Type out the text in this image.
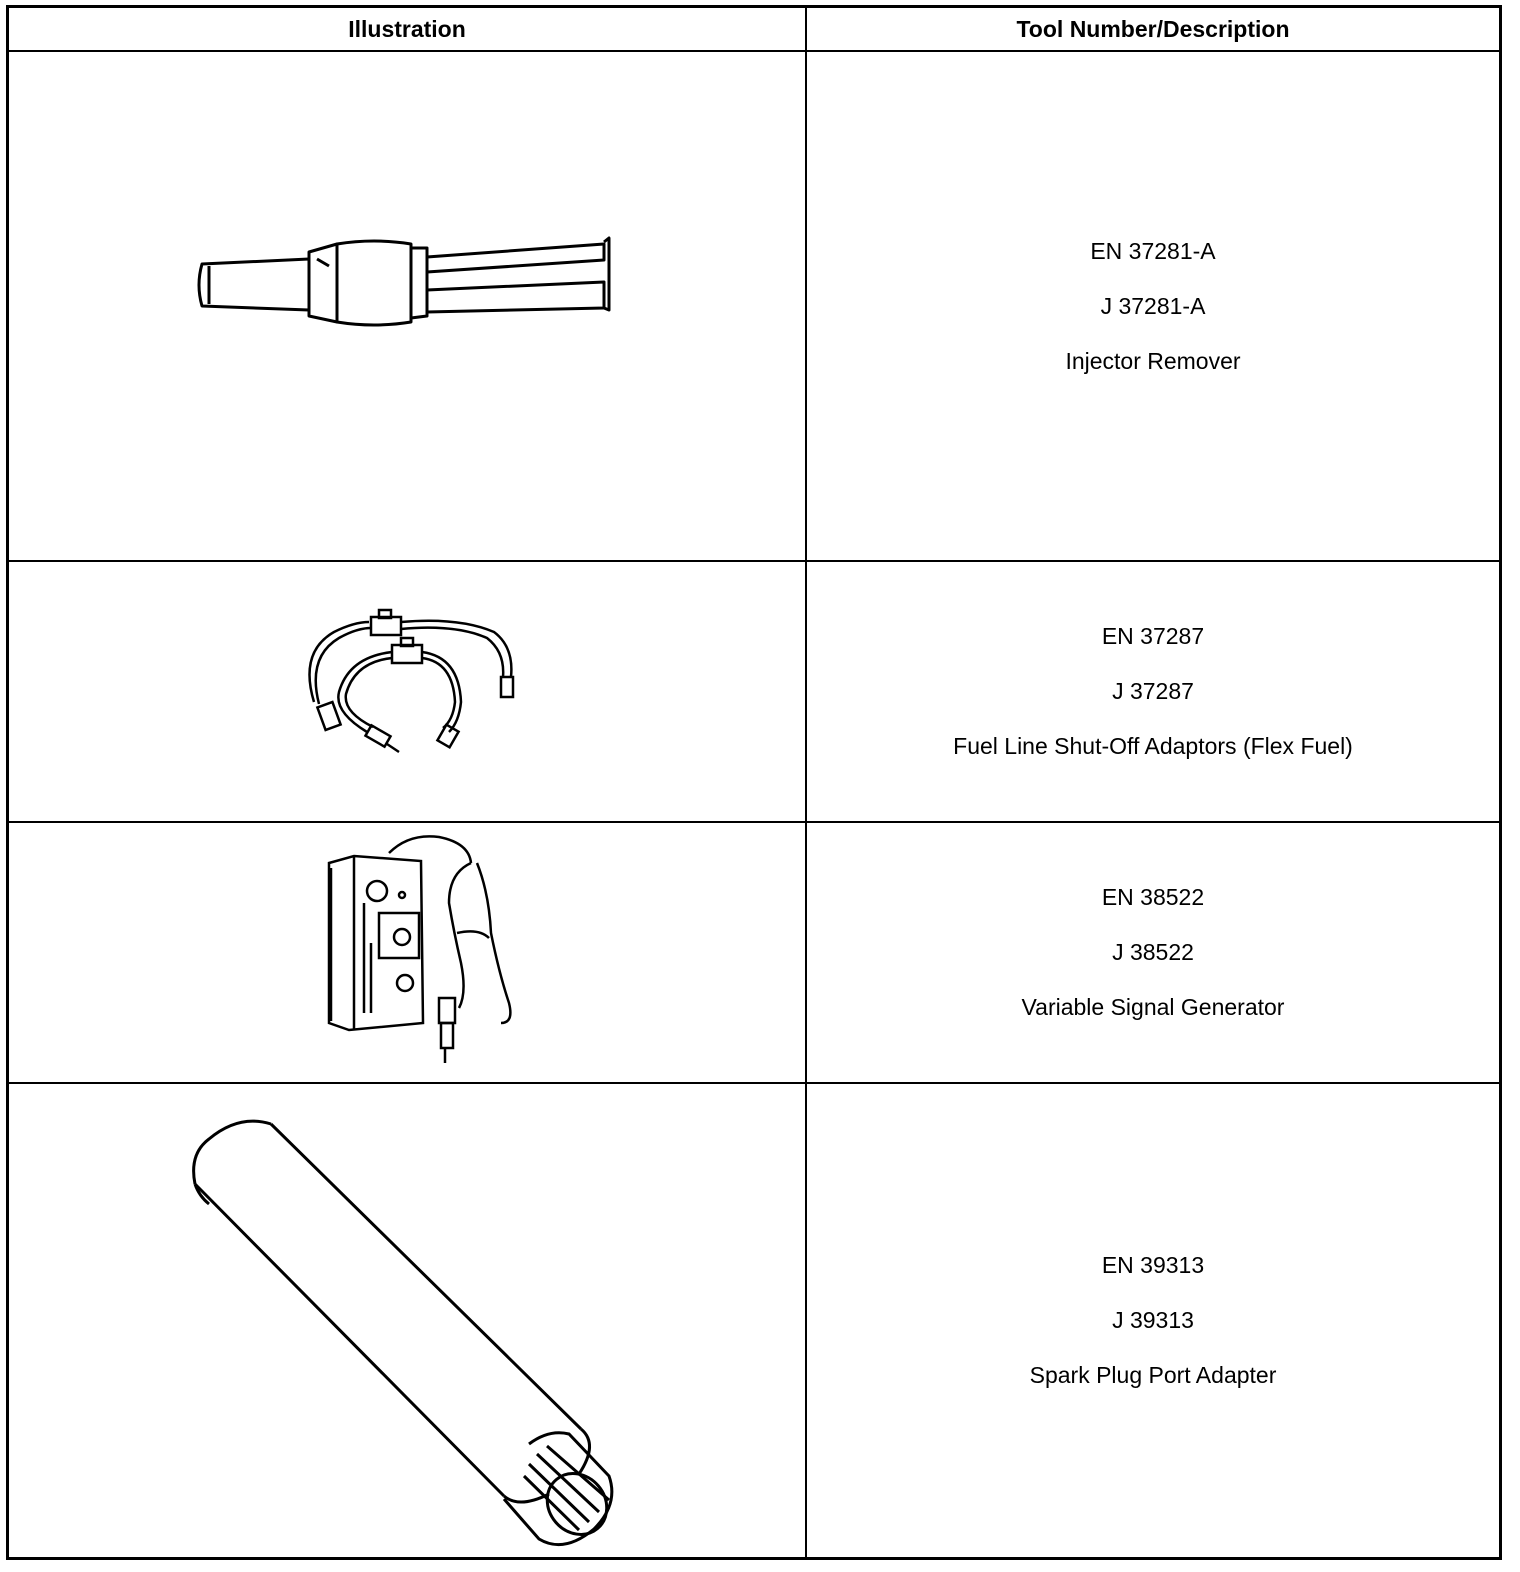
Illustration	Tool Number/Description
EN 37281-A
J 37281-A
Injector Remover
EN 37287
J 37287
Fuel Line Shut-Off Adaptors (Flex Fuel)
EN 38522
J 38522
Variable Signal Generator
EN 39313
J 39313
Spark Plug Port Adapter
